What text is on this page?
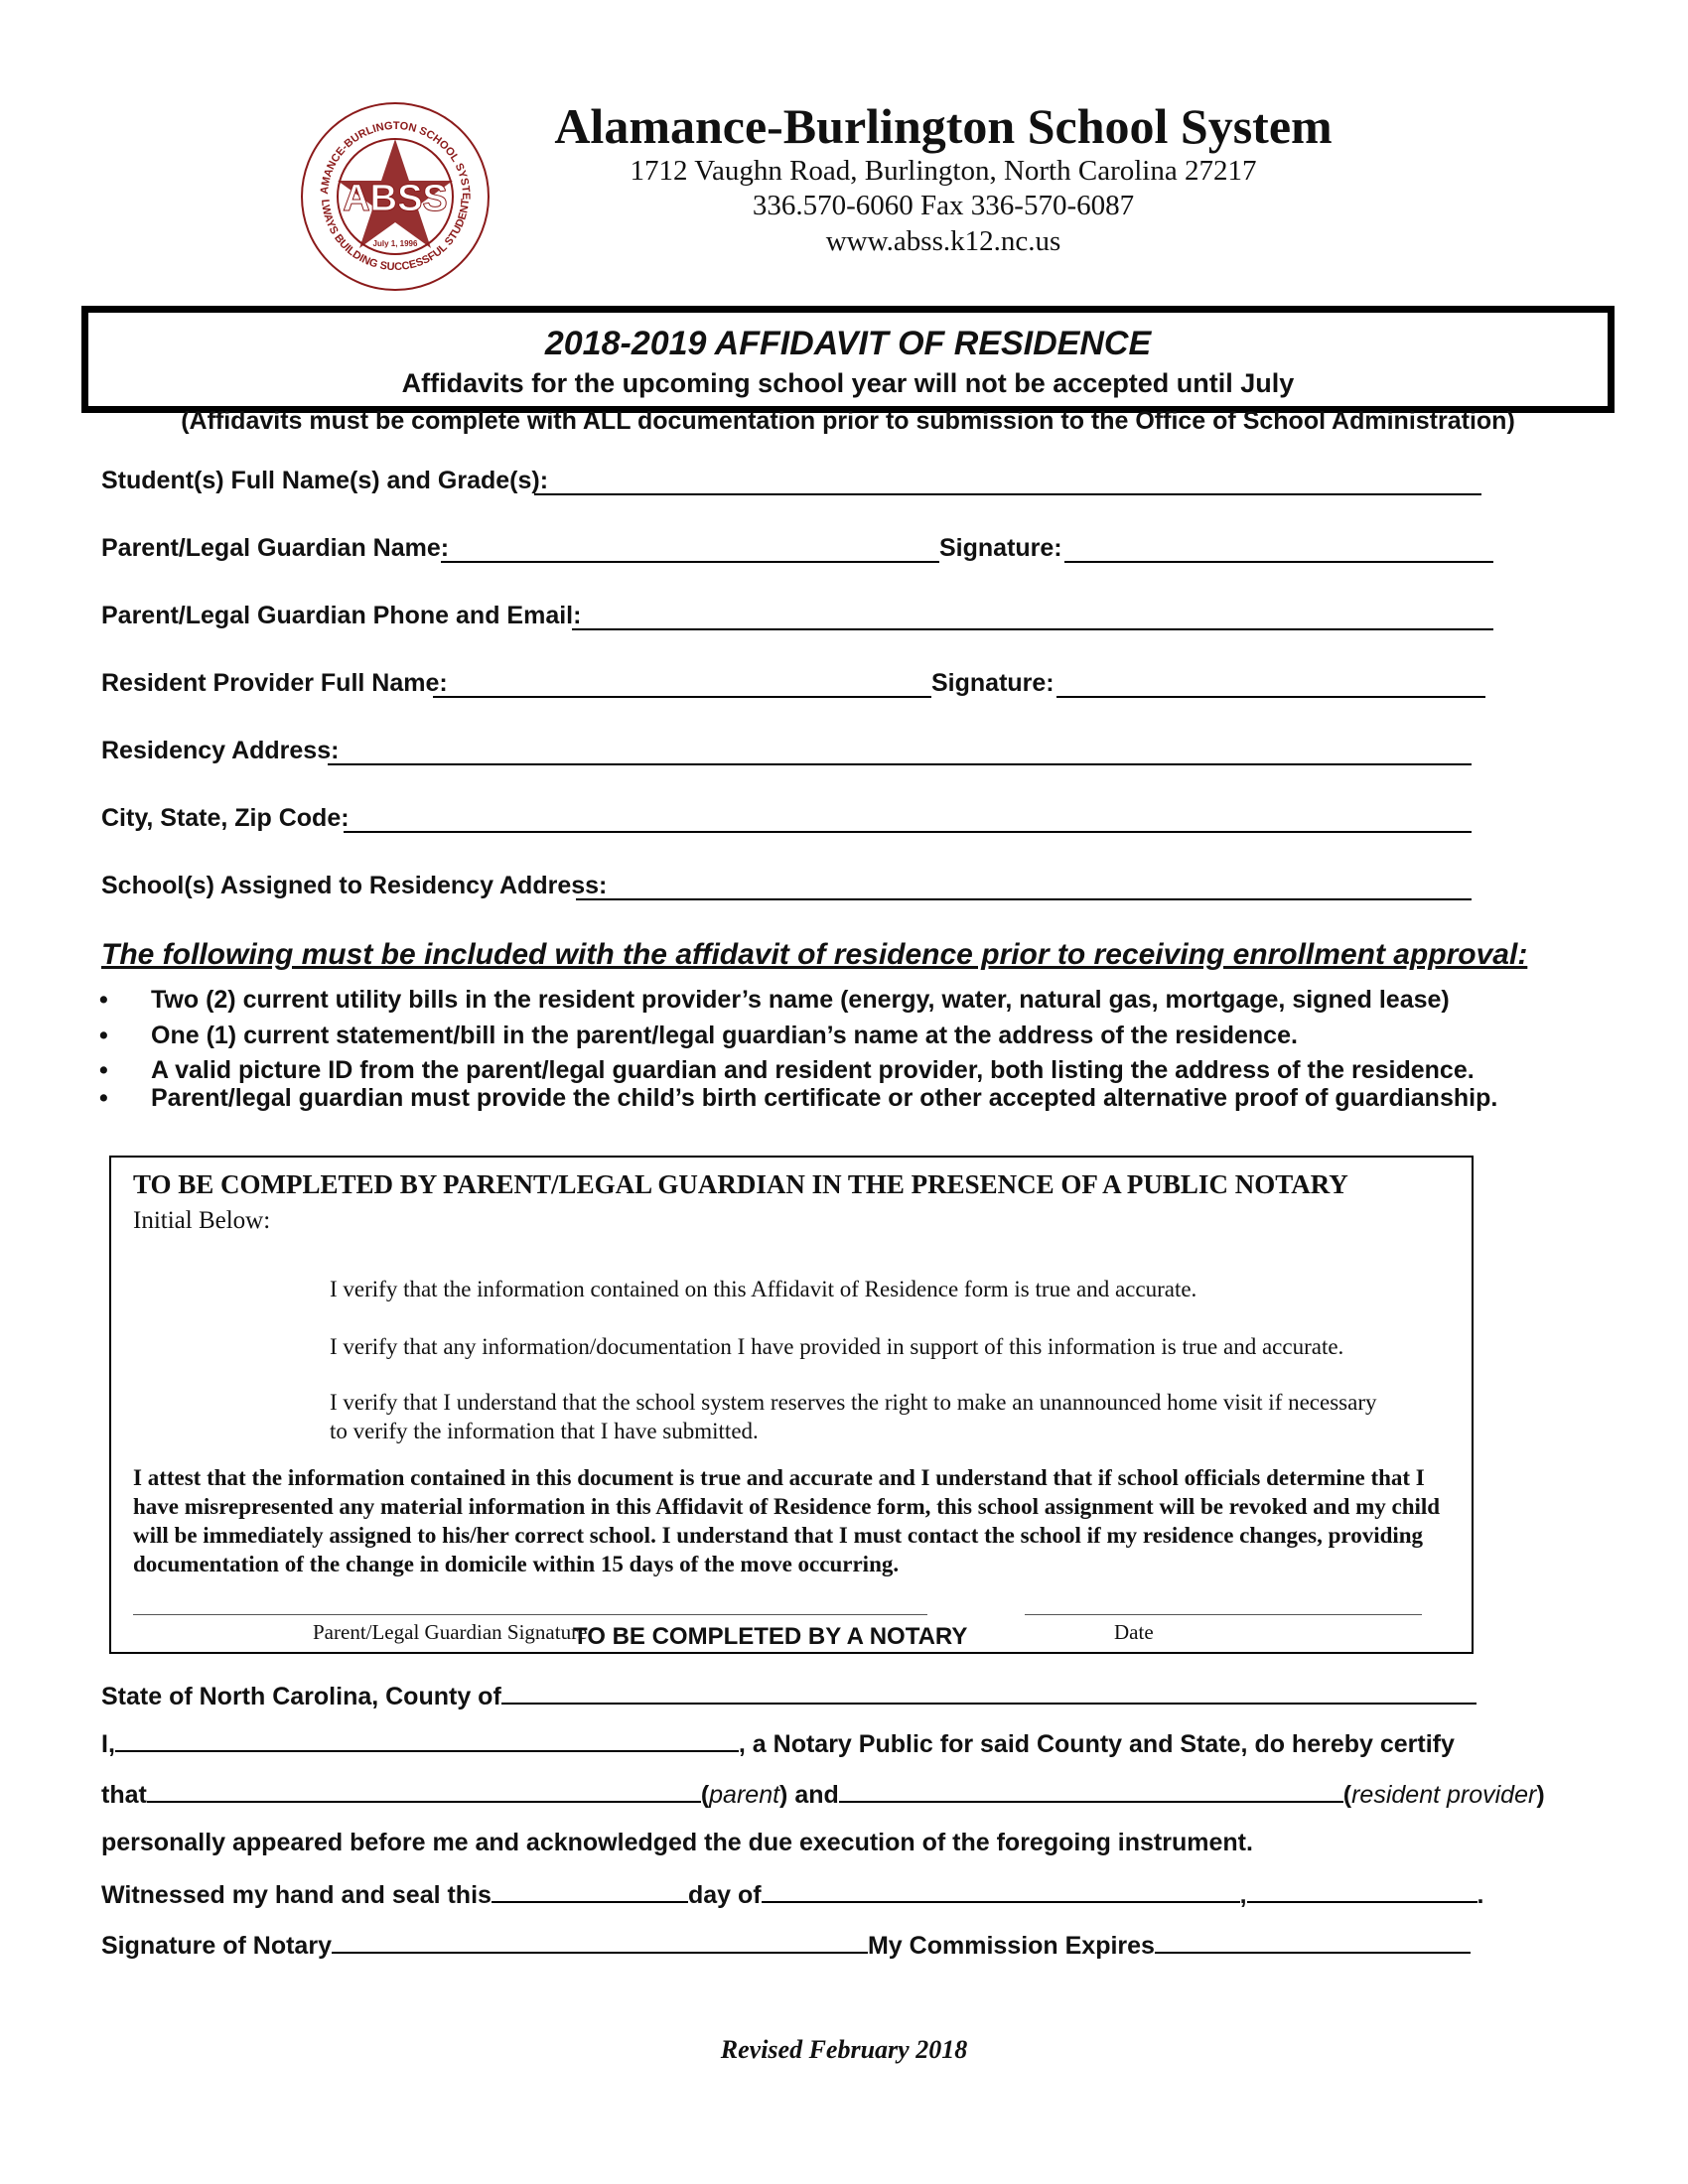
AMANCE-BURLINGTON SCHOOL SYSTE
LWAYS BUILDING SUCCESSFUL STUDENT
ABSS
July 1, 1996
Alamance-Burlington School System
1712 Vaughn Road, Burlington, North Carolina 27217
336.570-6060 Fax 336-570-6087
www.abss.k12.nc.us
2018-2019 AFFIDAVIT OF RESIDENCE
Affidavits for the upcoming school year will not be accepted until July
(Affidavits must be complete with ALL documentation prior to submission to the Office of School Administration)
Student(s) Full Name(s) and Grade(s):
Parent/Legal Guardian Name:	Signature:
Parent/Legal Guardian Phone and Email:
Resident Provider Full Name:	Signature:
Residency Address:
City, State, Zip Code:
School(s) Assigned to Residency Address:
The following must be included with the affidavit of residence prior to receiving enrollment approval:
• Two (2) current utility bills in the resident provider’s name (energy, water, natural gas, mortgage, signed lease)
• One (1) current statement/bill in the parent/legal guardian’s name at the address of the residence.
• A valid picture ID from the parent/legal guardian and resident provider, both listing the address of the residence.
• Parent/legal guardian must provide the child’s birth certificate or other accepted alternative proof of guardianship.
TO BE COMPLETED BY PARENT/LEGAL GUARDIAN IN THE PRESENCE OF A PUBLIC NOTARY
Initial Below:
I verify that the information contained on this Affidavit of Residence form is true and accurate.
I verify that any information/documentation I have provided in support of this information is true and accurate.
I verify that I understand that the school system reserves the right to make an unannounced home visit if necessary to verify the information that I have submitted.
I attest that the information contained in this document is true and accurate and I understand that if school officials determine that I have misrepresented any material information in this Affidavit of Residence form, this school assignment will be revoked and my child will be immediately assigned to his/her correct school. I understand that I must contact the school if my residence changes, providing documentation of the change in domicile within 15 days of the move occurring.
Parent/Legal Guardian Signature	Date
TO BE COMPLETED BY A NOTARY
State of North Carolina, County of
I,	, a Notary Public for said County and State, do hereby certify
that	(parent) and	(resident provider)
personally appeared before me and acknowledged the due execution of the foregoing instrument.
Witnessed my hand and seal this	day of	,	.
Signature of Notary	My Commission Expires
Revised February 2018
